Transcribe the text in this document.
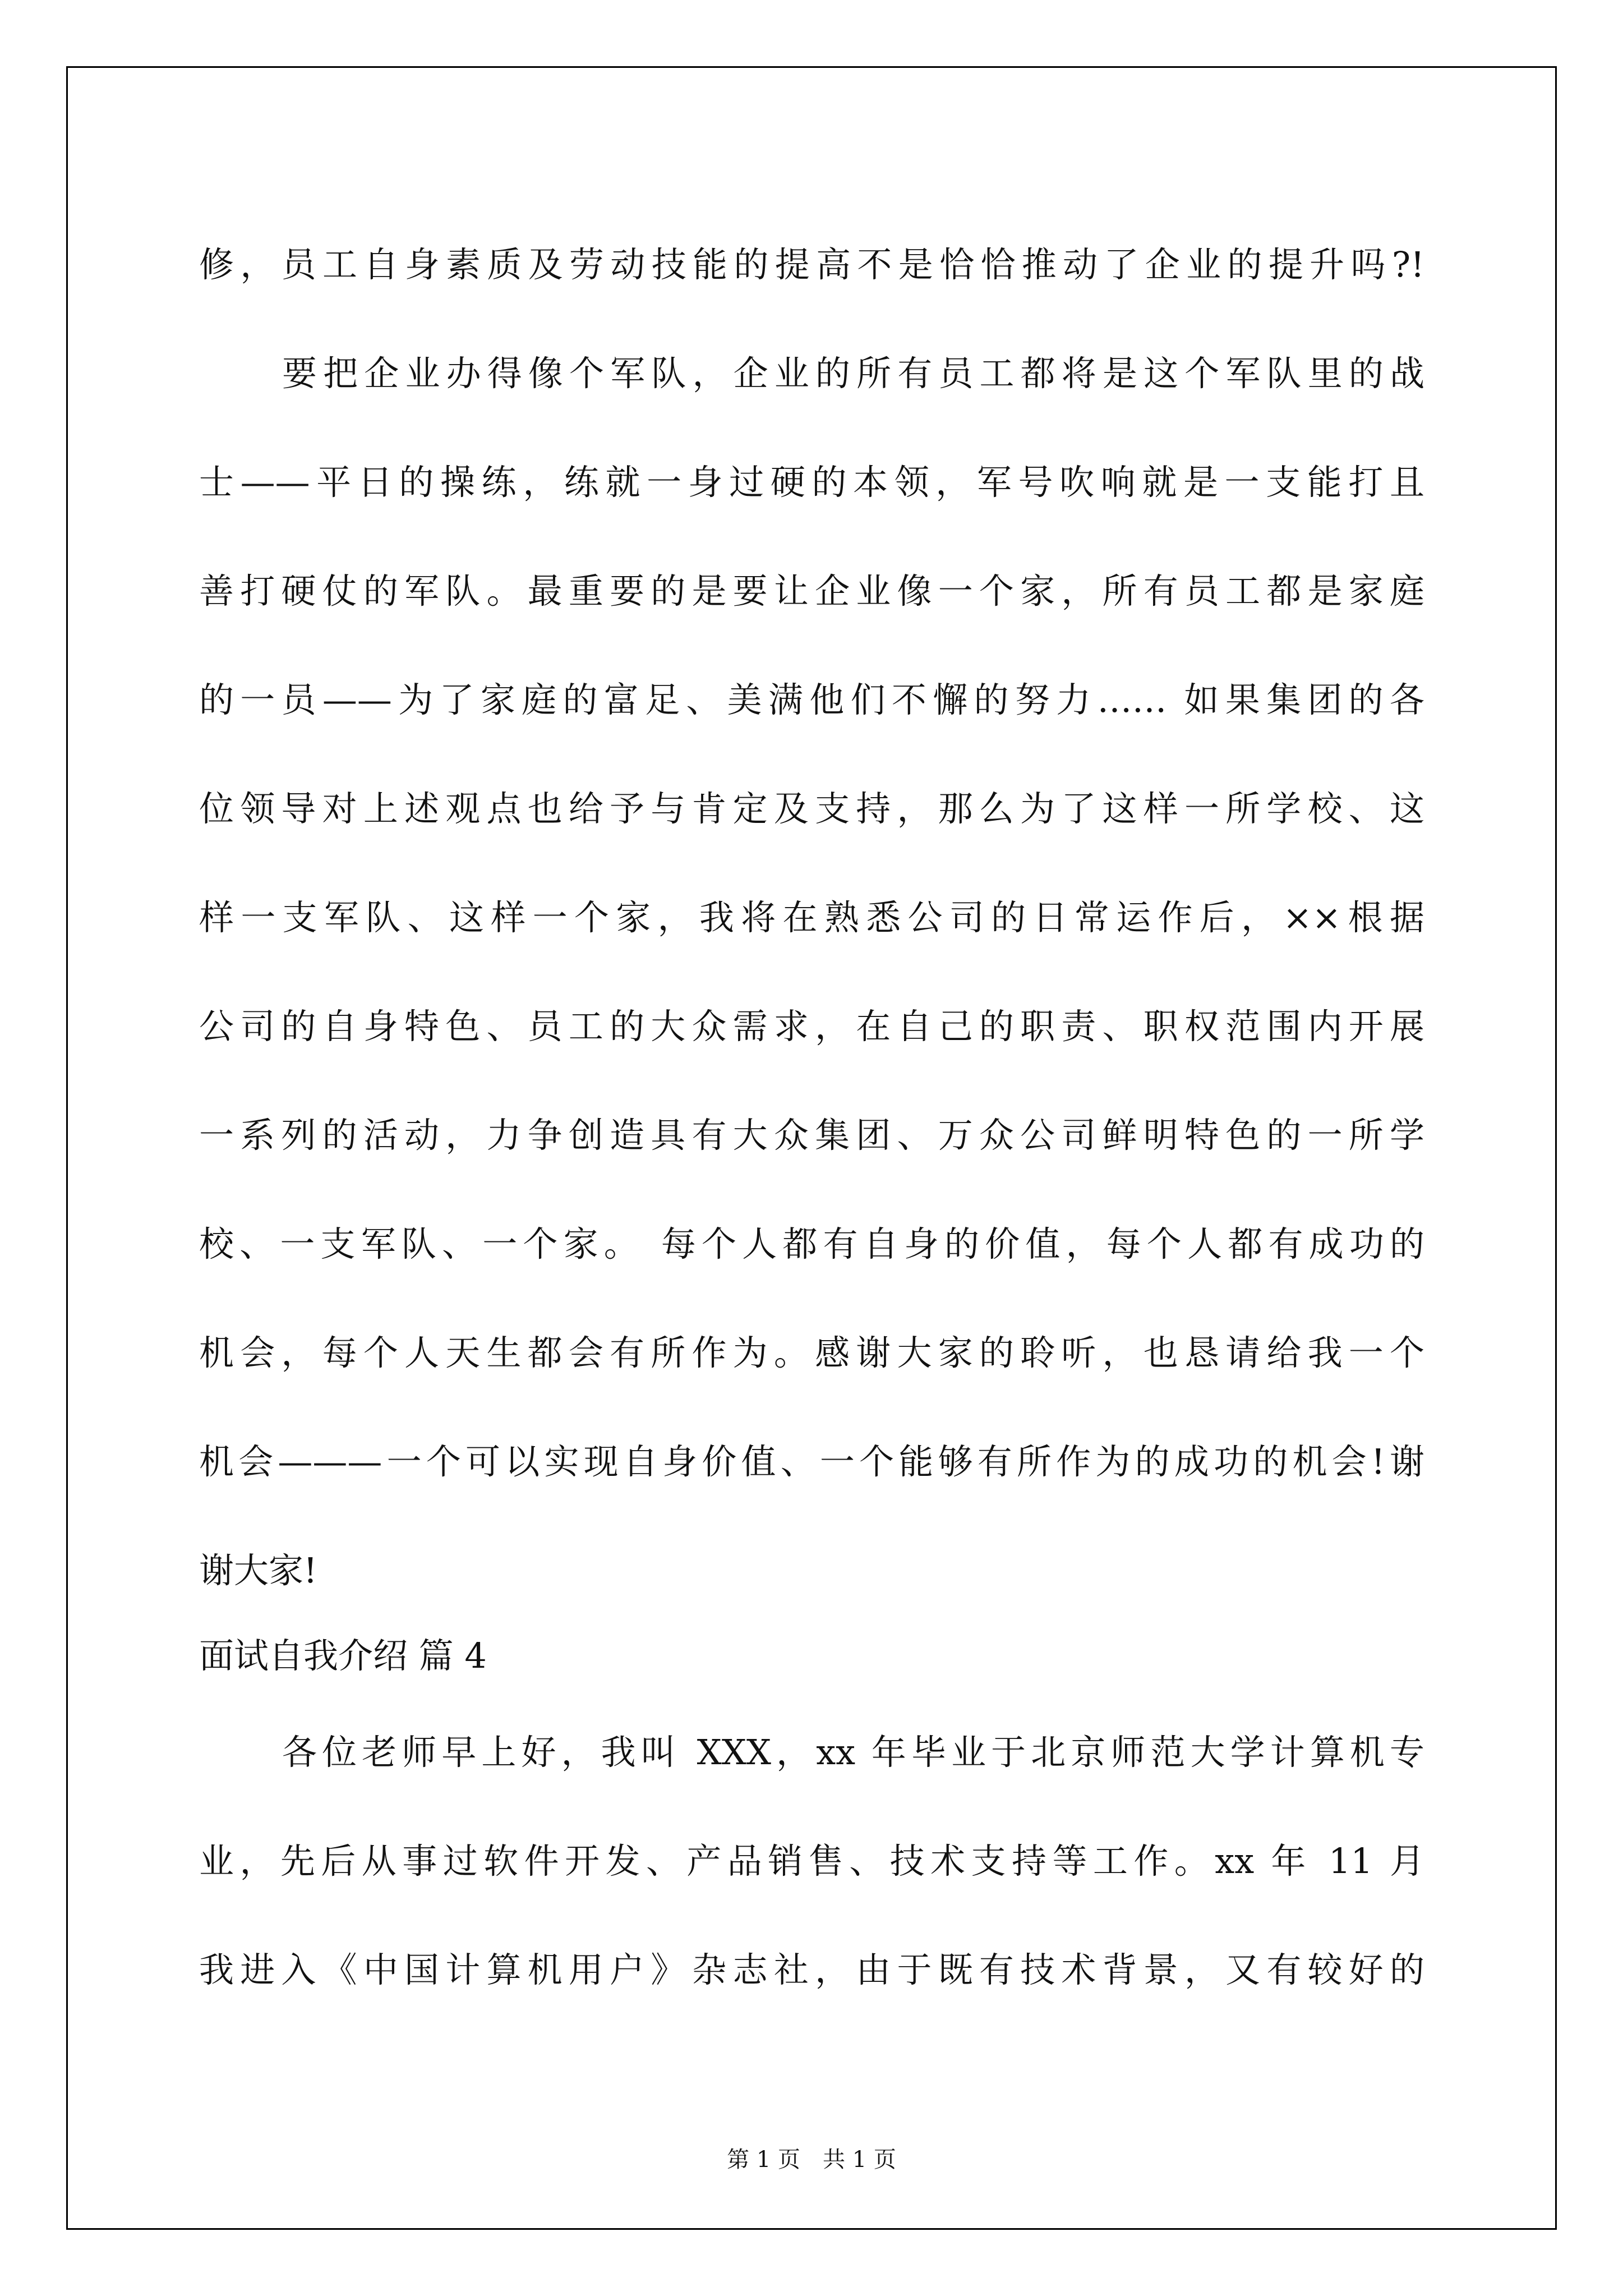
修，员工自身素质及劳动技能的提高不是恰恰推动了企业的提升吗?!
要把企业办得像个军队，企业的所有员工都将是这个军队里的战
士——平日的操练，练就一身过硬的本领，军号吹响就是一支能打且
善打硬仗的军队。最重要的是要让企业像一个家，所有员工都是家庭
的一员——为了家庭的富足、美满他们不懈的努力…… 如果集团的各
位领导对上述观点也给予与肯定及支持，那么为了这样一所学校、这
样一支军队、这样一个家，我将在熟悉公司的日常运作后，××根据
公司的自身特色、员工的大众需求，在自己的职责、职权范围内开展
一系列的活动，力争创造具有大众集团、万众公司鲜明特色的一所学
校、一支军队、一个家。 每个人都有自身的价值，每个人都有成功的
机会，每个人天生都会有所作为。感谢大家的聆听，也恳请给我一个
机会———一个可以实现自身价值、一个能够有所作为的成功的机会!谢
谢大家!
面试自我介绍 篇 4
各位老师早上好，我叫 XXX，xx 年毕业于北京师范大学计算机专
业，先后从事过软件开发、产品销售、技术支持等工作。xx 年 11 月
我进入《中国计算机用户》杂志社，由于既有技术背景，又有较好的
第 1 页　共 1 页
